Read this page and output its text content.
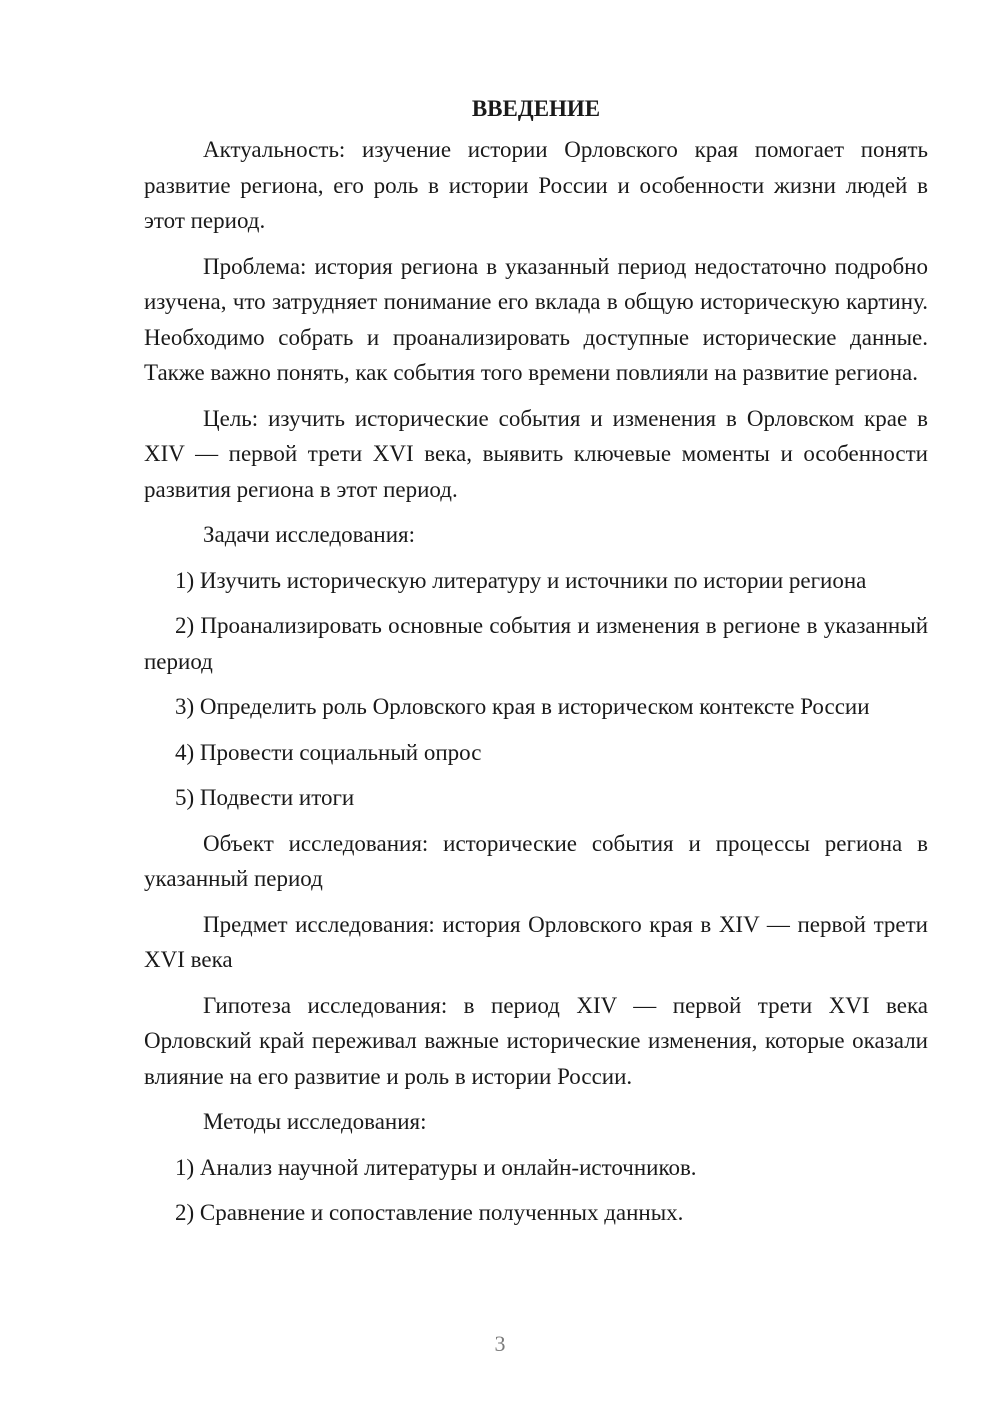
ВВЕДЕНИЕ

Актуальность: изучение истории Орловского края помогает понять развитие региона, его роль в истории России и особенности жизни людей в этот период.

Проблема: история региона в указанный период недостаточно подробно изучена, что затрудняет понимание его вклада в общую историческую картину. Необходимо собрать и проанализировать доступные исторические данные. Также важно понять, как события того времени повлияли на развитие региона.

Цель: изучить исторические события и изменения в Орловском крае в XIV — первой трети XVI века, выявить ключевые моменты и особенности развития региона в этот период.

Задачи исследования:

1) Изучить историческую литературу и источники по истории региона

2) Проанализировать основные события и изменения в регионе в указанный период

3) Определить роль Орловского края в историческом контексте России

4) Провести социальный опрос

5) Подвести итоги

Объект исследования: исторические события и процессы региона в указанный период

Предмет исследования: история Орловского края в XIV — первой трети XVI века

Гипотеза исследования: в период XIV — первой трети XVI века Орловский край переживал важные исторические изменения, которые оказали влияние на его развитие и роль в истории России.

Методы исследования:

1) Анализ научной литературы и онлайн-источников.

2) Сравнение и сопоставление полученных данных.

3
